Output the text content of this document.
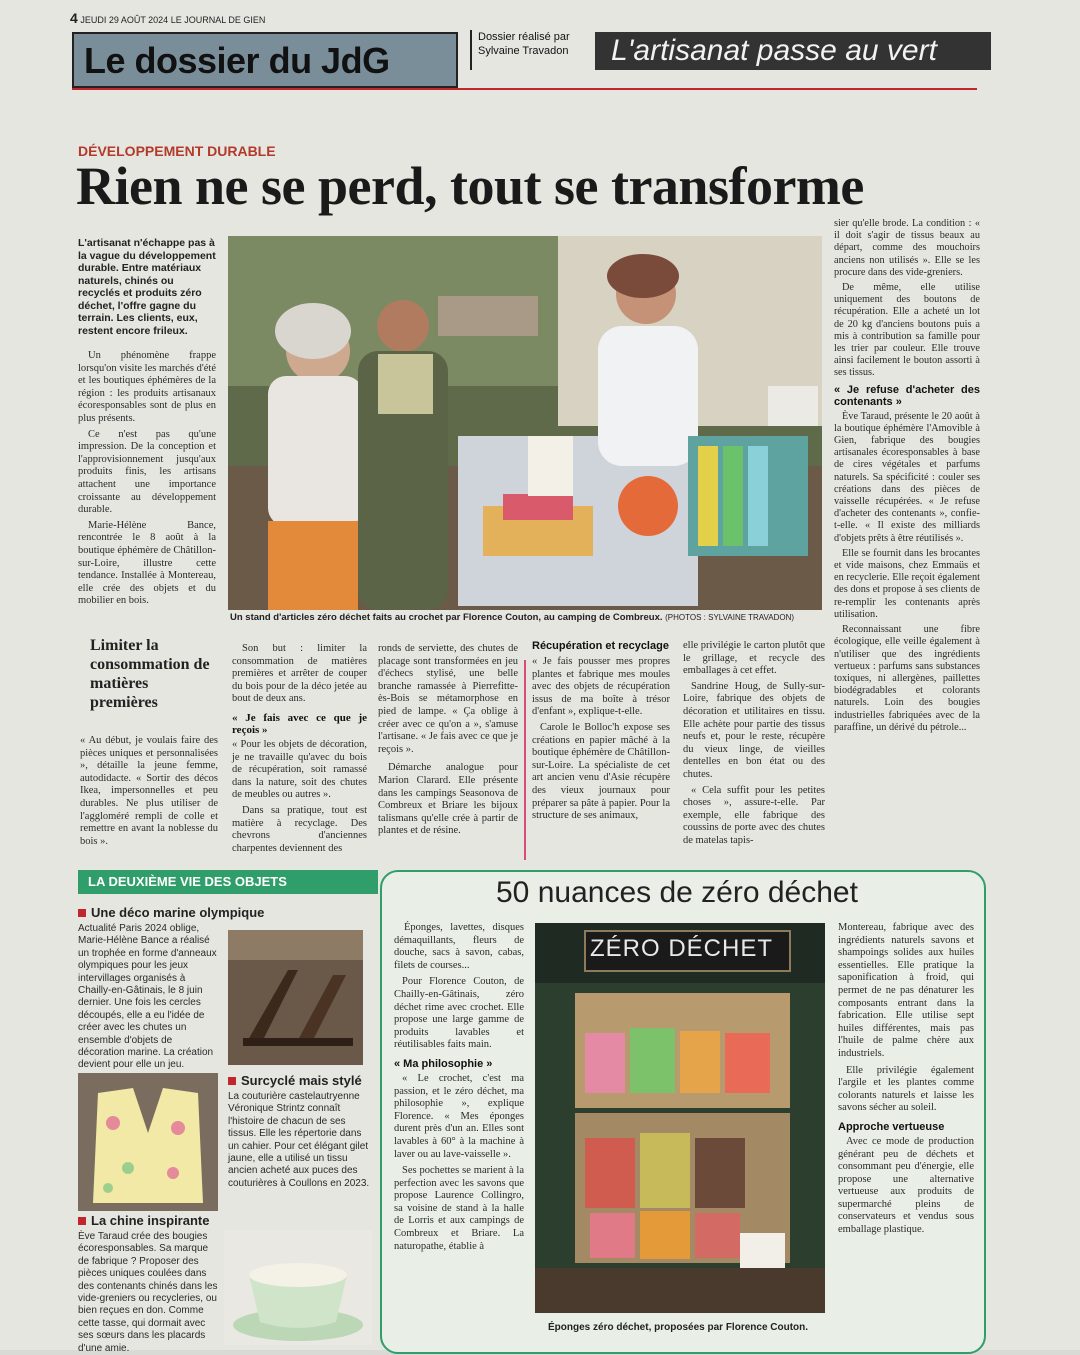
4 JEUDI 29 AOÛT 2024 LE JOURNAL DE GIEN
Le dossier du JdG
Dossier réalisé par
Sylvaine Travadon	L'artisanat passe au vert
DÉVELOPPEMENT DURABLE
Rien ne se perd, tout se transforme
L'artisanat n'échappe pas à la vague du développement durable. Entre matériaux naturels, chinés ou recyclés et produits zéro déchet, l'offre gagne du terrain. Les clients, eux, restent encore frileux.

Un phénomène frappe lorsqu'on visite les marchés d'été et les boutiques éphémères de la région : les produits artisanaux écoresponsables sont de plus en plus présents.

Ce n'est pas qu'une impression. De la conception et l'approvisionnement jusqu'aux produits finis, les artisans attachent une importance croissante au développement durable.

Marie-Hélène Bance, rencontrée le 8 août à la boutique éphémère de Châtillon-sur-Loire, illustre cette tendance. Installée à Montereau, elle crée des objets et du mobilier en bois.

Un stand d'articles zéro déchet faits au crochet par Florence Couton, au camping de Combreux. (PHOTOS : SYLVAINE TRAVADON)
Limiter la consommation de matières premières
« Au début, je voulais faire des pièces uniques et personnalisées », détaille la jeune femme, autodidacte. « Sortir des décos Ikea, impersonnelles et peu durables. Ne plus utiliser de l'aggloméré rempli de colle et remettre en avant la noblesse du bois ».

Son but : limiter la consommation de matières premières et arrêter de couper du bois pour de la déco jetée au bout de deux ans.

« Je fais avec ce que je reçois »

« Pour les objets de décoration, je ne travaille qu'avec du bois de récupération, soit ramassé dans la nature, soit des chutes de meubles ou autres ».

Dans sa pratique, tout est matière à recyclage. Des chevrons d'anciennes charpentes deviennent des

ronds de serviette, des chutes de placage sont transformées en jeu d'échecs stylisé, une belle branche ramassée à Pierrefitte-ès-Bois se métamorphose en pied de lampe. « Ça oblige à créer avec ce qu'on a », s'amuse l'artisane. « Je fais avec ce que je reçois ».

Démarche analogue pour Marion Clarard. Elle présente dans les campings Seasonova de Combreux et Briare les bijoux talismans qu'elle crée à partir de plantes et de résine.

Récupération et recyclage

« Je fais pousser mes propres plantes et fabrique mes moules avec des objets de récupération issus de ma boîte à trésor d'enfant », explique-t-elle.

Carole le Bolloc'h expose ses créations en papier mâché à la boutique éphémère de Châtillon-sur-Loire. La spécialiste de cet art ancien venu d'Asie récupère des vieux journaux pour préparer sa pâte à papier. Pour la structure de ses animaux,

elle privilégie le carton plutôt que le grillage, et recycle des emballages à cet effet.

Sandrine Houg, de Sully-sur-Loire, fabrique des objets de décoration et utilitaires en tissu. Elle achète pour partie des tissus neufs et, pour le reste, récupère du vieux linge, de vieilles dentelles en bon état ou des chutes.

« Cela suffit pour les petites choses », assure-t-elle. Par exemple, elle fabrique des coussins de porte avec des chutes de matelas tapis-

sier qu'elle brode. La condition : « il doit s'agir de tissus beaux au départ, comme des mouchoirs anciens non utilisés ». Elle se les procure dans des vide-greniers.

De même, elle utilise uniquement des boutons de récupération. Elle a acheté un lot de 20 kg d'anciens boutons puis a mis à contribution sa famille pour les trier par couleur. Elle trouve ainsi facilement le bouton assorti à ses tissus.

« Je refuse d'acheter des contenants »

Ève Taraud, présente le 20 août à la boutique éphémère l'Amovible à Gien, fabrique des bougies artisanales écoresponsables à base de cires végétales et parfums naturels. Sa spécificité : couler ses créations dans des pièces de vaisselle récupérées. « Je refuse d'acheter des contenants », confie-t-elle. « Il existe des milliards d'objets prêts à être réutilisés ».

Elle se fournit dans les brocantes et vide maisons, chez Emmaüs et en recyclerie. Elle reçoit également des dons et propose à ses clients de re-remplir les contenants après utilisation.

Reconnaissant une fibre écologique, elle veille également à n'utiliser que des ingrédients vertueux : parfums sans substances toxiques, ni allergènes, paillettes biodégradables et colorants naturels. Loin des bougies industrielles fabriquées avec de la paraffine, un dérivé du pétrole...

LA DEUXIÈME VIE DES OBJETS
Une déco marine olympique
Actualité Paris 2024 oblige, Marie-Hélène Bance a réalisé un trophée en forme d'anneaux olympiques pour les jeux intervillages organisés à Chailly-en-Gâtinais, le 8 juin dernier. Une fois les cercles découpés, elle a eu l'idée de créer avec les chutes un ensemble d'objets de décoration marine. La création devient pour elle un jeu.
Surcyclé mais stylé
La couturière castelautryenne Véronique Strintz connaît l'histoire de chacun de ses tissus. Elle les répertorie dans un cahier. Pour cet élégant gilet jaune, elle a utilisé un tissu ancien acheté aux puces des couturières à Coullons en 2023.
La chine inspirante
Ève Taraud crée des bougies écoresponsables. Sa marque de fabrique ? Proposer des pièces uniques coulées dans des contenants chinés dans les vide-greniers ou recycleries, ou bien reçues en don. Comme cette tasse, qui dormait avec ses sœurs dans les placards d'une amie.
50 nuances de zéro déchet

Éponges, lavettes, disques démaquillants, fleurs de douche, sacs à savon, cabas, filets de courses...

Pour Florence Couton, de Chailly-en-Gâtinais, zéro déchet rime avec crochet. Elle propose une large gamme de produits lavables et réutilisables faits main.

« Ma philosophie »

« Le crochet, c'est ma passion, et le zéro déchet, ma philosophie », explique Florence. « Mes éponges durent près d'un an. Elles sont lavables à 60° à la machine à laver ou au lave-vaisselle ».

Ses pochettes se marient à la perfection avec les savons que propose Laurence Collingro, sa voisine de stand à la halle de Lorris et aux campings de Combreux et Briare. La naturopathe, établie à

ZÉRO DÉCHET
Éponges zéro déchet, proposées par Florence Couton.

Montereau, fabrique avec des ingrédients naturels savons et shampoings solides aux huiles essentielles. Elle pratique la saponification à froid, qui permet de ne pas dénaturer les composants entrant dans la fabrication. Elle utilise sept huiles différentes, mais pas l'huile de palme chère aux industriels.

Elle privilégie également l'argile et les plantes comme colorants naturels et laisse les savons sécher au soleil.

Approche vertueuse

Avec ce mode de production générant peu de déchets et consommant peu d'énergie, elle propose une alternative vertueuse aux produits de supermarché pleins de conservateurs et vendus sous emballage plastique.
